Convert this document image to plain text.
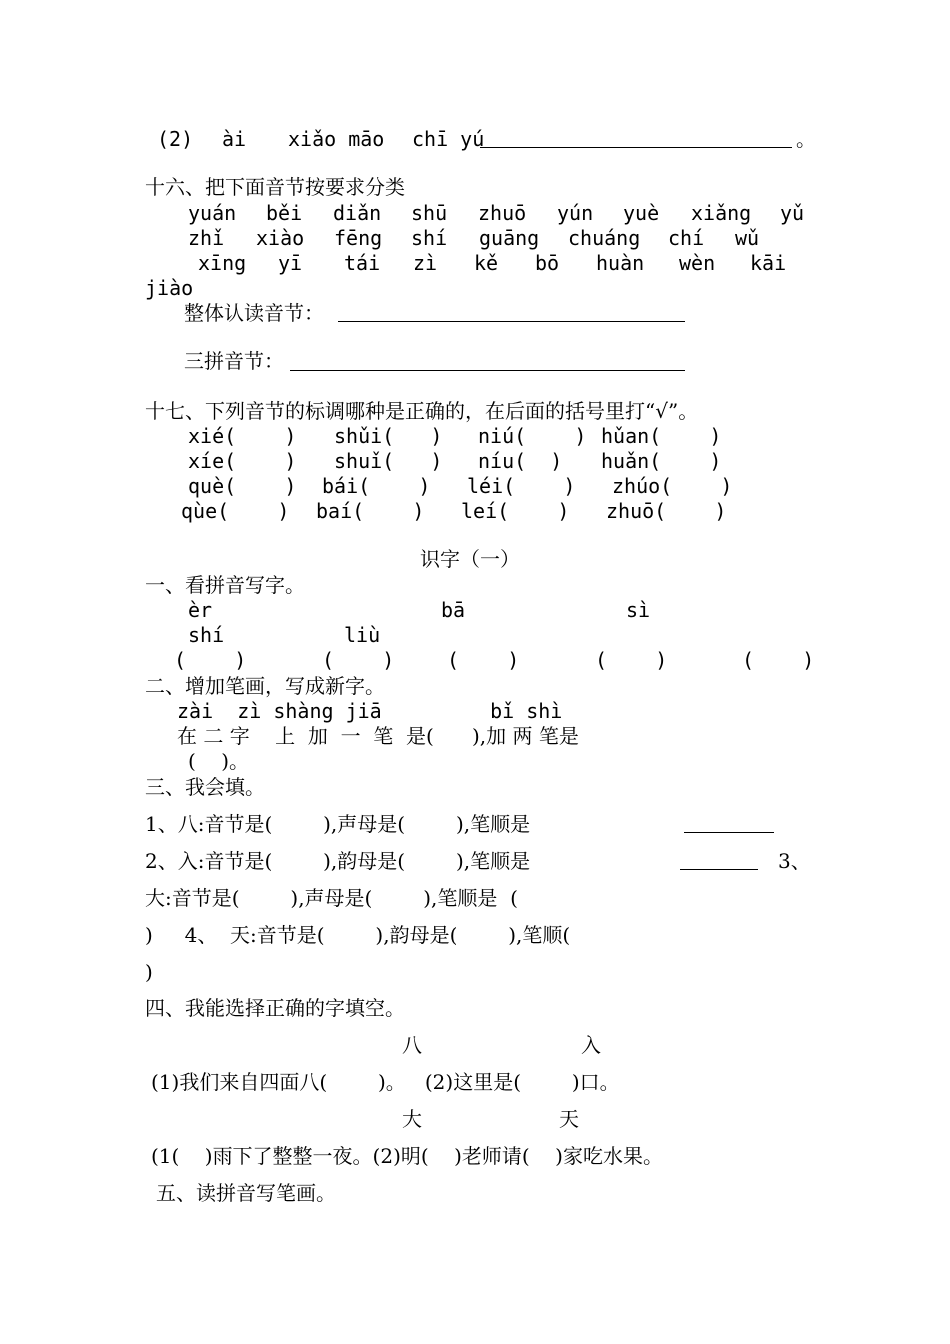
(2) ài xiǎo māo chī yú	。
十六、把下面音节按要求分类
yuán běi diǎn shū zhuō yún yuè xiǎng yǔ
zhǐ xiào fēng shí guāng chuáng chí wǔ
xīng yī tái zì kě bō huàn wèn kāi
jiào
整体认读音节：
三拼音节：
十七、下列音节的标调哪种是正确的，在后面的括号里打“√”。
xié(    ) shǔi(   ) niú(    ) hǔan(    )
xíe(    ) shuǐ(   ) níu(  ) huǎn(    )
què(    ) bái(    ) léi(    ) zhúo(    )
qùe(    ) baí(    ) leí(    ) zhuō(    )
识字（一）
一、看拼音写字。
èr	bā	sì
shí	liù
(    )	(    )	(    )	(    )	(    )
二、增加笔画，写成新字。
zài  zì shàng jiā         bǐ shì
在 二 字    上  加  一  笔  是(      ),加 两 笔是
(    )。
三、我会填。
1、八:音节是(        ),声母是(        ),笔顺是
2、入:音节是(        ),韵母是(        ),笔顺是	3、
大:音节是(        ),声母是(        ),笔顺是  (
)     4、  天:音节是(        ),韵母是(        ),笔顺(
)
四、我能选择正确的字填空。
八	入
(1)我们来自四面八(        )。   (2)这里是(        )口。
大	天
(1(    )雨下了整整一夜。(2)明(    )老师请(    )家吃水果。
五、读拼音写笔画。
